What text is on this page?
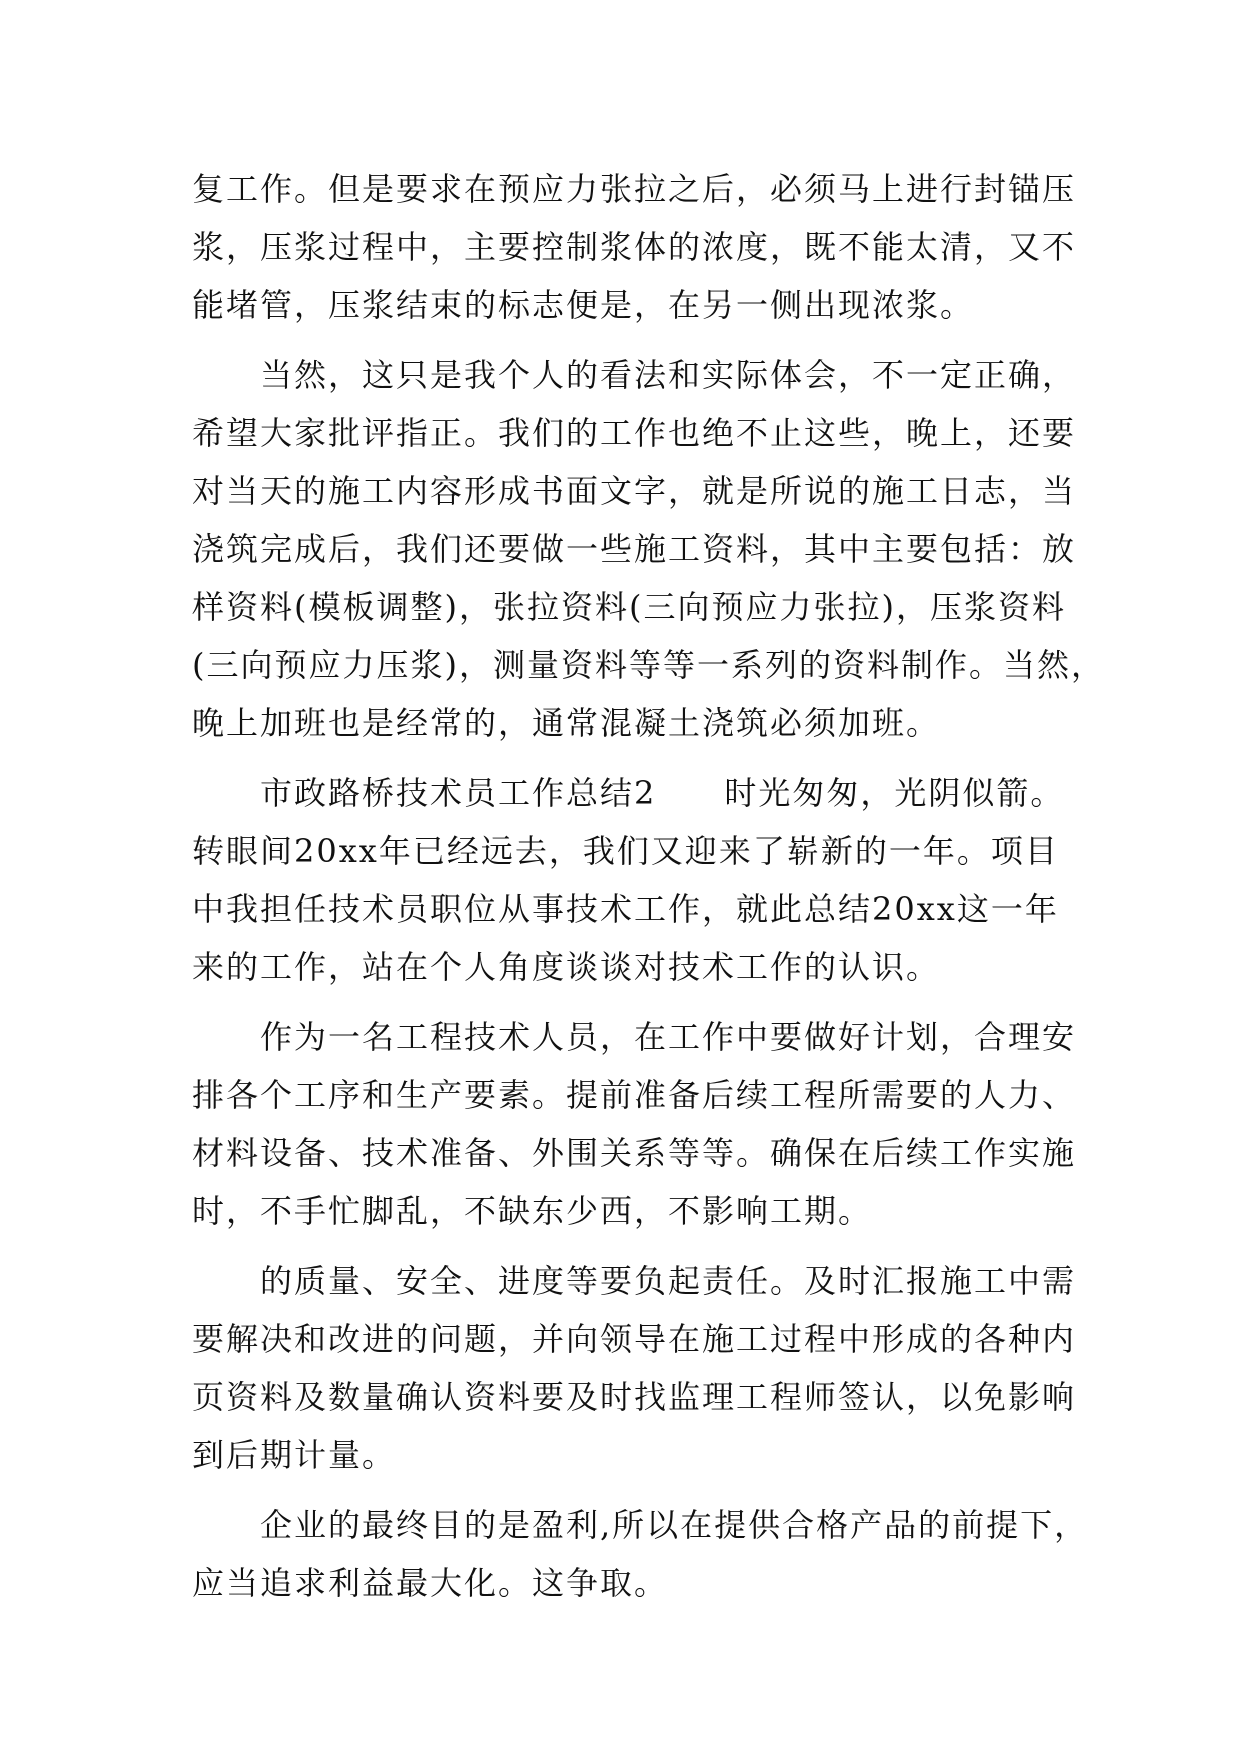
复工作。但是要求在预应力张拉之后，必须马上进行封锚压
浆，压浆过程中，主要控制浆体的浓度，既不能太清，又不
能堵管，压浆结束的标志便是，在另一侧出现浓浆。
　　当然，这只是我个人的看法和实际体会，不一定正确，
希望大家批评指正。我们的工作也绝不止这些，晚上，还要
对当天的施工内容形成书面文字，就是所说的施工日志，当
浇筑完成后，我们还要做一些施工资料，其中主要包括：放
样资料(模板调整)，张拉资料(三向预应力张拉)，压浆资料
(三向预应力压浆)，测量资料等等一系列的资料制作。当然，
晚上加班也是经常的，通常混凝土浇筑必须加班。
　　市政路桥技术员工作总结2　　时光匆匆，光阴似箭。
转眼间20xx年已经远去，我们又迎来了崭新的一年。项目
中我担任技术员职位从事技术工作，就此总结20xx这一年
来的工作，站在个人角度谈谈对技术工作的认识。
　　作为一名工程技术人员，在工作中要做好计划，合理安
排各个工序和生产要素。提前准备后续工程所需要的人力、
材料设备、技术准备、外围关系等等。确保在后续工作实施
时，不手忙脚乱，不缺东少西，不影响工期。
　　的质量、安全、进度等要负起责任。及时汇报施工中需
要解决和改进的问题，并向领导在施工过程中形成的各种内
页资料及数量确认资料要及时找监理工程师签认，以免影响
到后期计量。
　　企业的最终目的是盈利,所以在提供合格产品的前提下，
应当追求利益最大化。这争取。
